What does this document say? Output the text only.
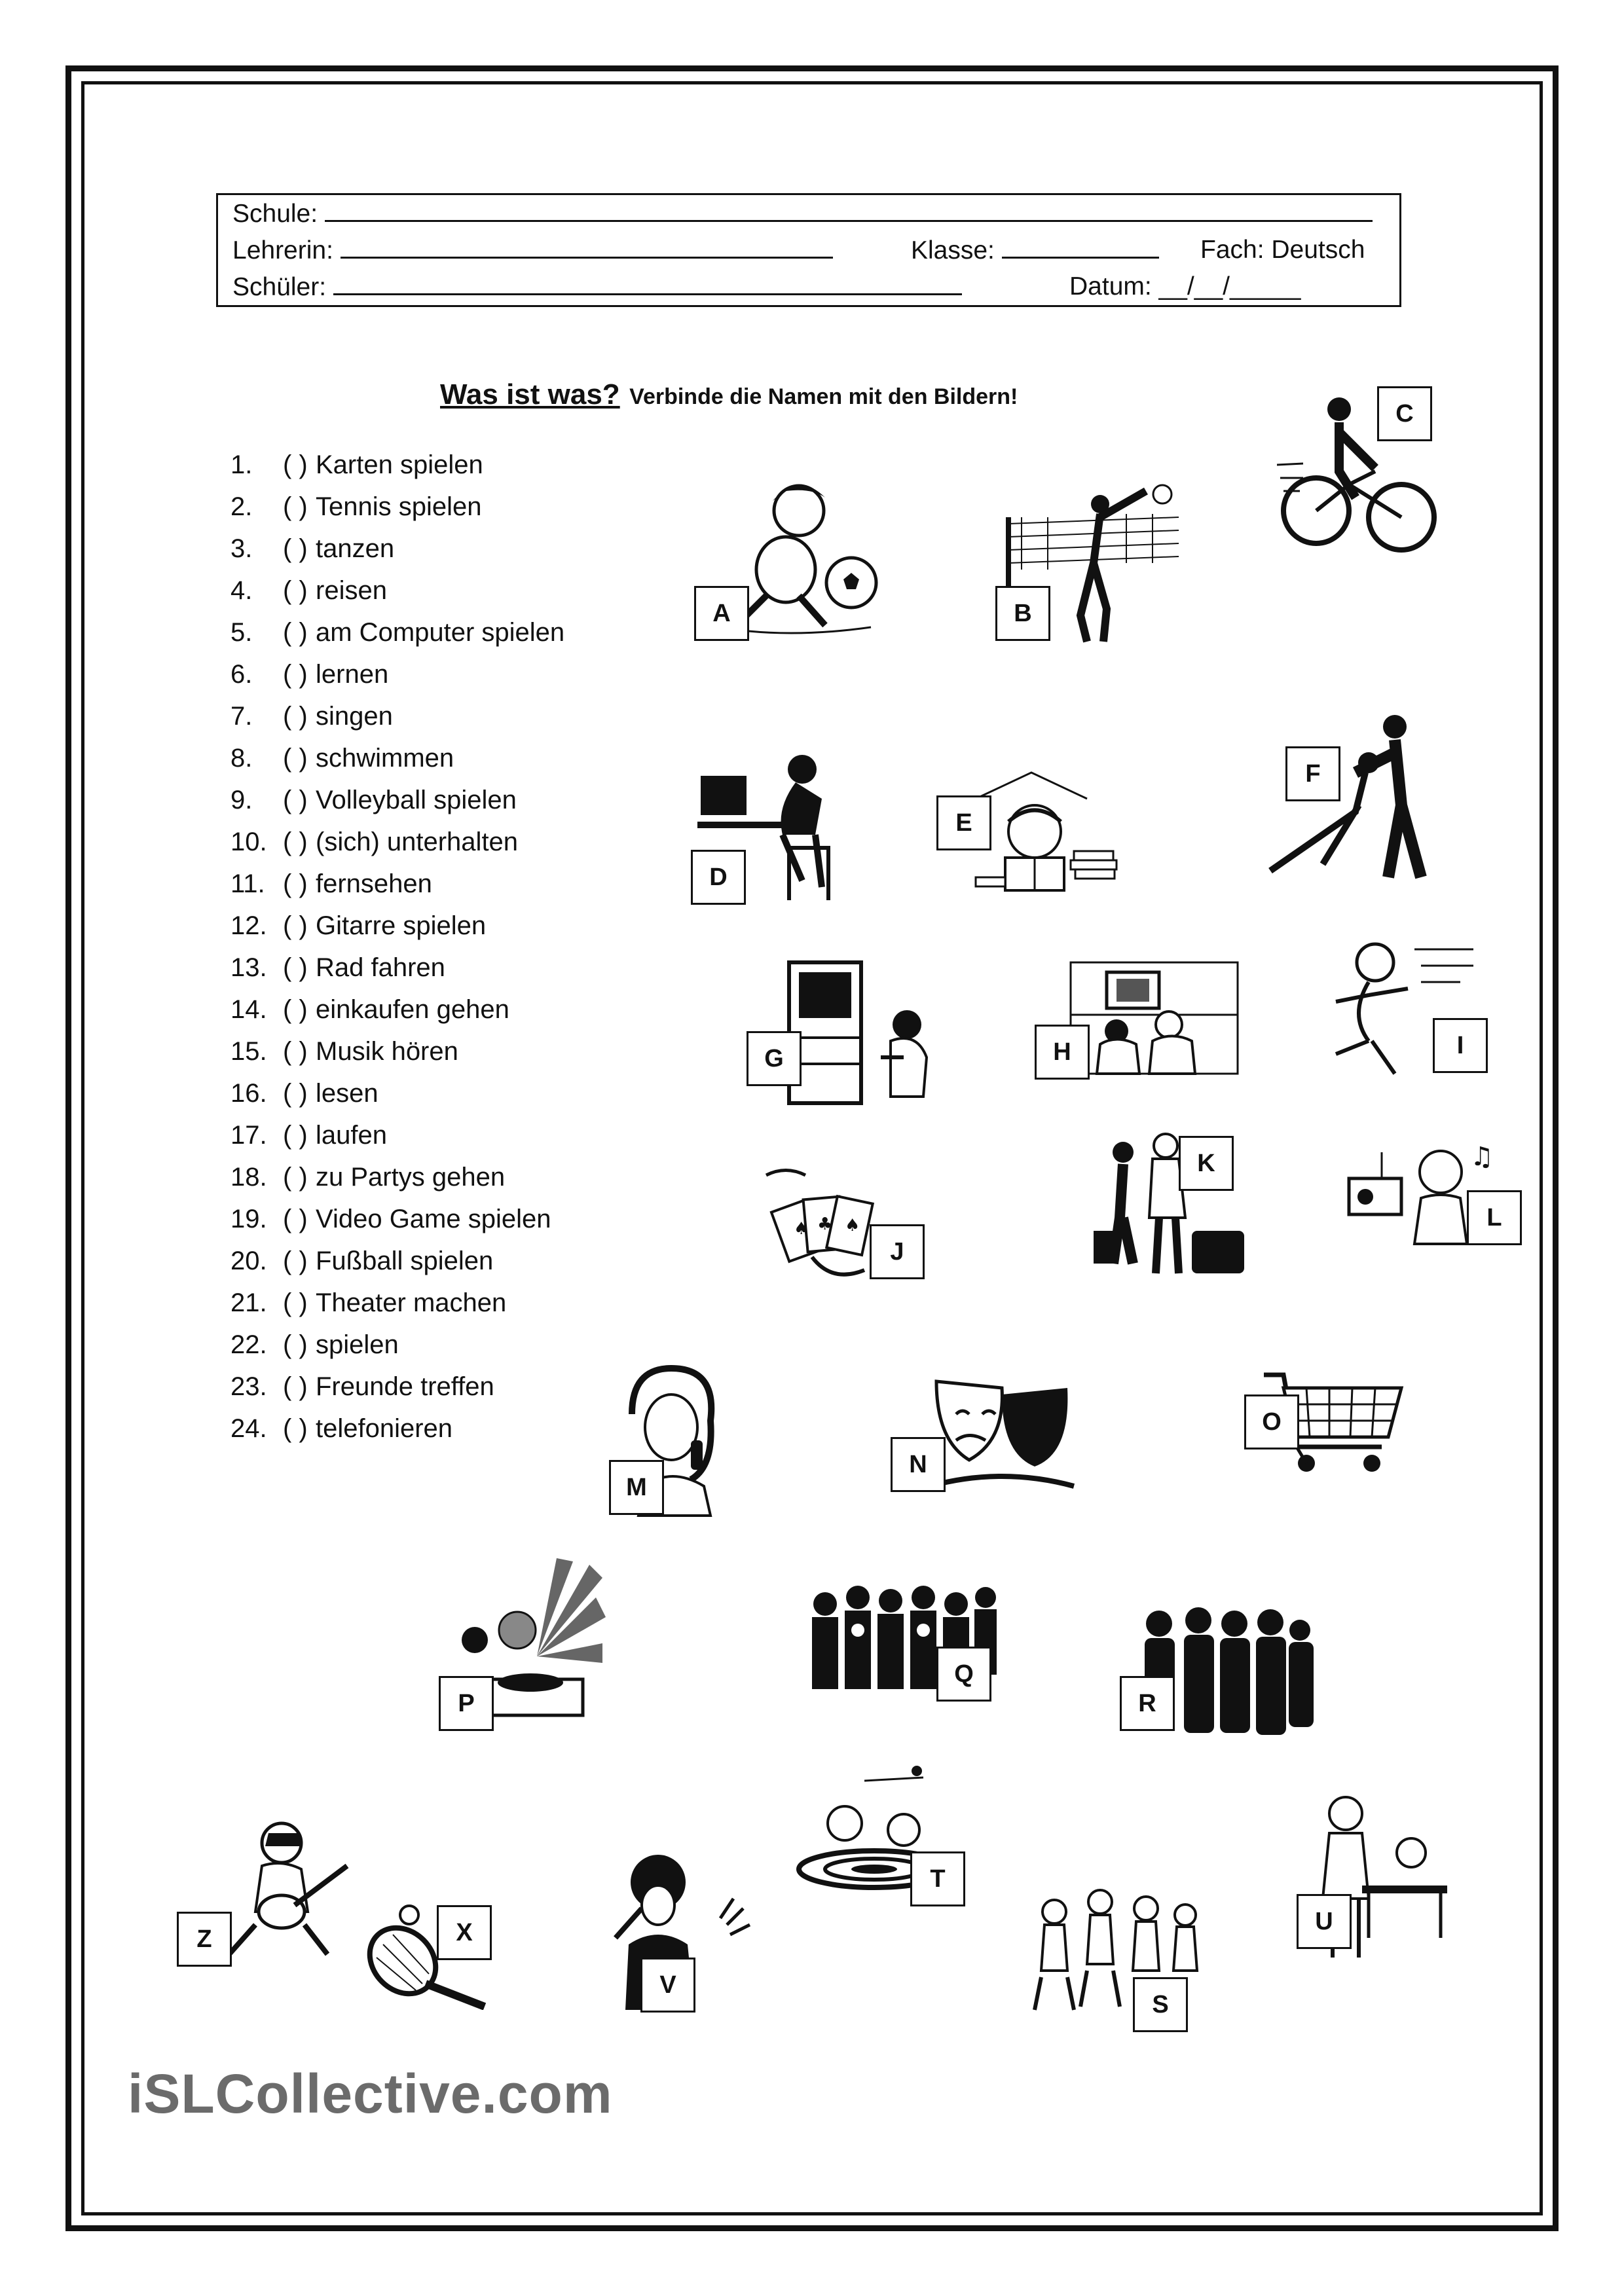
Schule:
Lehrerin:	Klasse:	Fach: Deutsch
Schüler:	Datum: __/__/_____
Was ist was? Verbinde die Namen mit den Bildern!
1. ( ) Karten spielen
2. ( ) Tennis spielen
3. ( ) tanzen
4. ( ) reisen
5. ( ) am Computer spielen
6. ( ) lernen
7. ( ) singen
8. ( ) schwimmen
9. ( ) Volleyball spielen
10. ( ) (sich) unterhalten
11. ( ) fernsehen
12. ( ) Gitarre spielen
13. ( ) Rad fahren
14. ( ) einkaufen gehen
15. ( ) Musik hören
16. ( ) lesen
17. ( ) laufen
18. ( ) zu Partys gehen
19. ( ) Video Game spielen
20. ( ) Fußball spielen
21. ( ) Theater machen
22. ( ) spielen
23. ( ) Freunde treffen
24. ( ) telefonieren
A	B
C
D
E
F
G	H	I
♠ ♣ ♠
J
K	♫
L
M
N
O
P
Q
R
Z	X
V
T
S
U
iSLCollective.com
